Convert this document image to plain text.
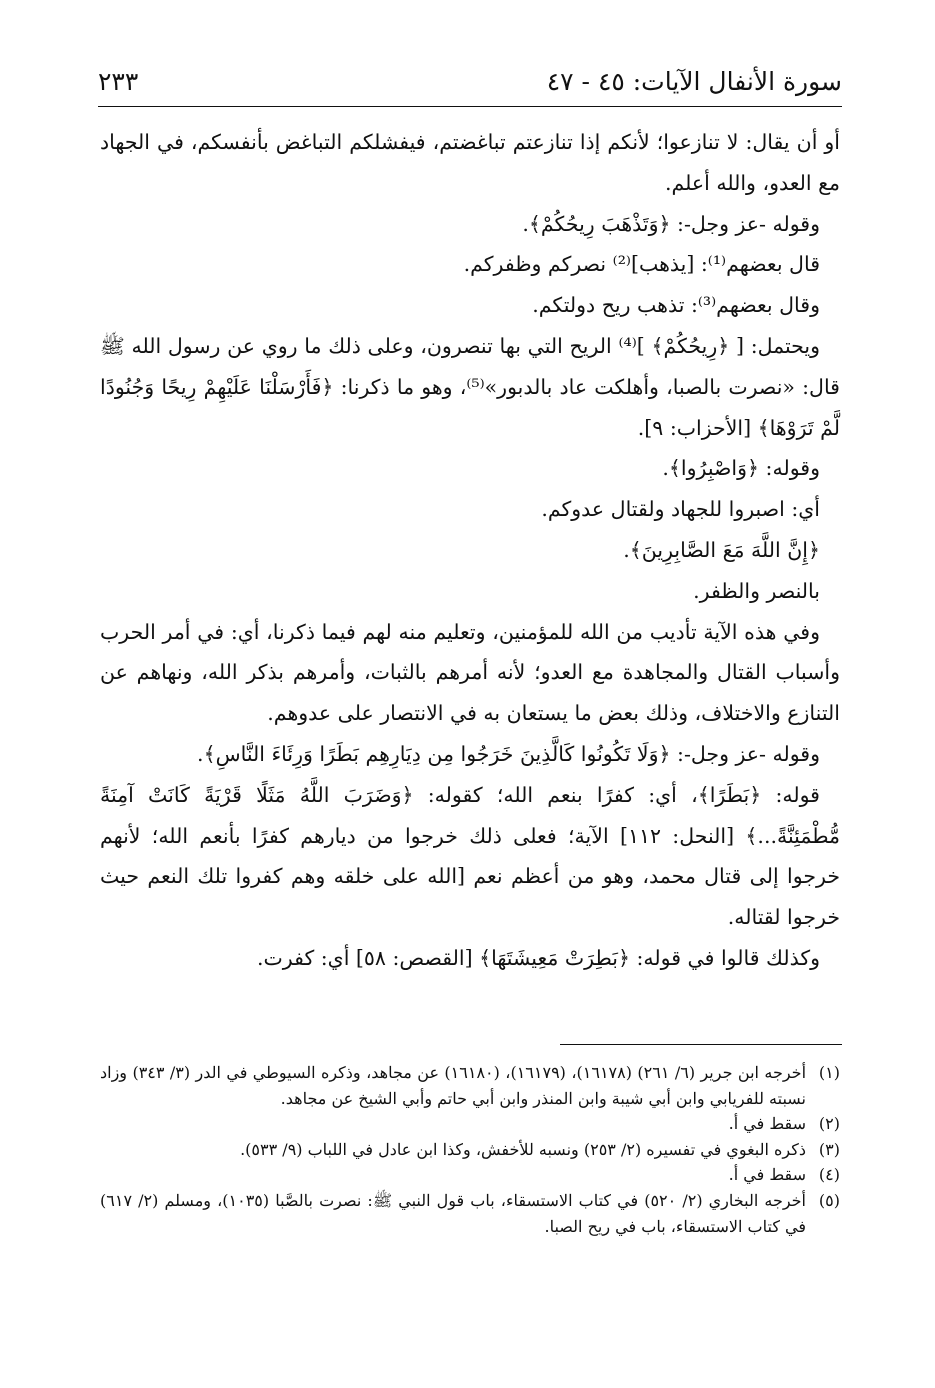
سورة الأنفال الآيات: ٤٥ - ٤٧
٢٣٣

أو أن يقال: لا تنازعوا؛ لأنكم إذا تنازعتم تباغضتم، فيفشلكم التباغض بأنفسكم، في الجهاد مع العدو، والله أعلم.

وقوله -عز وجل-: ﴿وَتَذْهَبَ رِيحُكُمْ﴾.

قال بعضهم⁽¹⁾: [يذهب]⁽²⁾ نصركم وظفركم.

وقال بعضهم⁽³⁾: تذهب ريح دولتكم.

ويحتمل: [ ﴿رِيحُكُمْ﴾ ]⁽⁴⁾ الريح التي بها تنصرون، وعلى ذلك ما روي عن رسول الله ﷺ قال: «نصرت بالصبا، وأهلكت عاد بالدبور»⁽⁵⁾، وهو ما ذكرنا: ﴿فَأَرْسَلْنَا عَلَيْهِمْ رِيحًا وَجُنُودًا لَّمْ تَرَوْهَا﴾ [الأحزاب: ٩].

وقوله: ﴿وَاصْبِرُوا﴾.

أي: اصبروا للجهاد ولقتال عدوكم.

﴿إِنَّ اللَّهَ مَعَ الصَّابِرِينَ﴾.

بالنصر والظفر.

وفي هذه الآية تأديب من الله للمؤمنين، وتعليم منه لهم فيما ذكرنا، أي: في أمر الحرب وأسباب القتال والمجاهدة مع العدو؛ لأنه أمرهم بالثبات، وأمرهم بذكر الله، ونهاهم عن التنازع والاختلاف، وذلك بعض ما يستعان به في الانتصار على عدوهم.

وقوله -عز وجل-: ﴿وَلَا تَكُونُوا كَالَّذِينَ خَرَجُوا مِن دِيَارِهِم بَطَرًا وَرِئَاءَ النَّاسِ﴾.

قوله: ﴿بَطَرًا﴾، أي: كفرًا بنعم الله؛ كقوله: ﴿وَضَرَبَ اللَّهُ مَثَلًا قَرْيَةً كَانَتْ آمِنَةً مُّطْمَئِنَّةً...﴾ [النحل: ١١٢] الآية؛ فعلى ذلك خرجوا من ديارهم كفرًا بأنعم الله؛ لأنهم خرجوا إلى قتال محمد، وهو من أعظم نعم [الله على خلقه وهم كفروا تلك النعم حيث خرجوا لقتاله.

وكذلك قالوا في قوله: ﴿بَطِرَتْ مَعِيشَتَهَا﴾ [القصص: ٥٨] أي: كفرت.

(١)
أخرجه ابن جرير (٦/ ٢٦١) (١٦١٧٨)، (١٦١٧٩)، (١٦١٨٠) عن مجاهد، وذكره السيوطي في الدر (٣/ ٣٤٣) وزاد نسبته للفريابي وابن أبي شيبة وابن المنذر وابن أبي حاتم وأبي الشيخ عن مجاهد.
(٢)
سقط في أ.
(٣)
ذكره البغوي في تفسيره (٢/ ٢٥٣) ونسبه للأخفش، وكذا ابن عادل في اللباب (٩/ ٥٣٣).
(٤)
سقط في أ.
(٥)
أخرجه البخاري (٢/ ٥٢٠) في كتاب الاستسقاء، باب قول النبي ﷺ: نصرت بالصَّبا (١٠٣٥)، ومسلم (٢/ ٦١٧) في كتاب الاستسقاء، باب في ريح الصبا.
